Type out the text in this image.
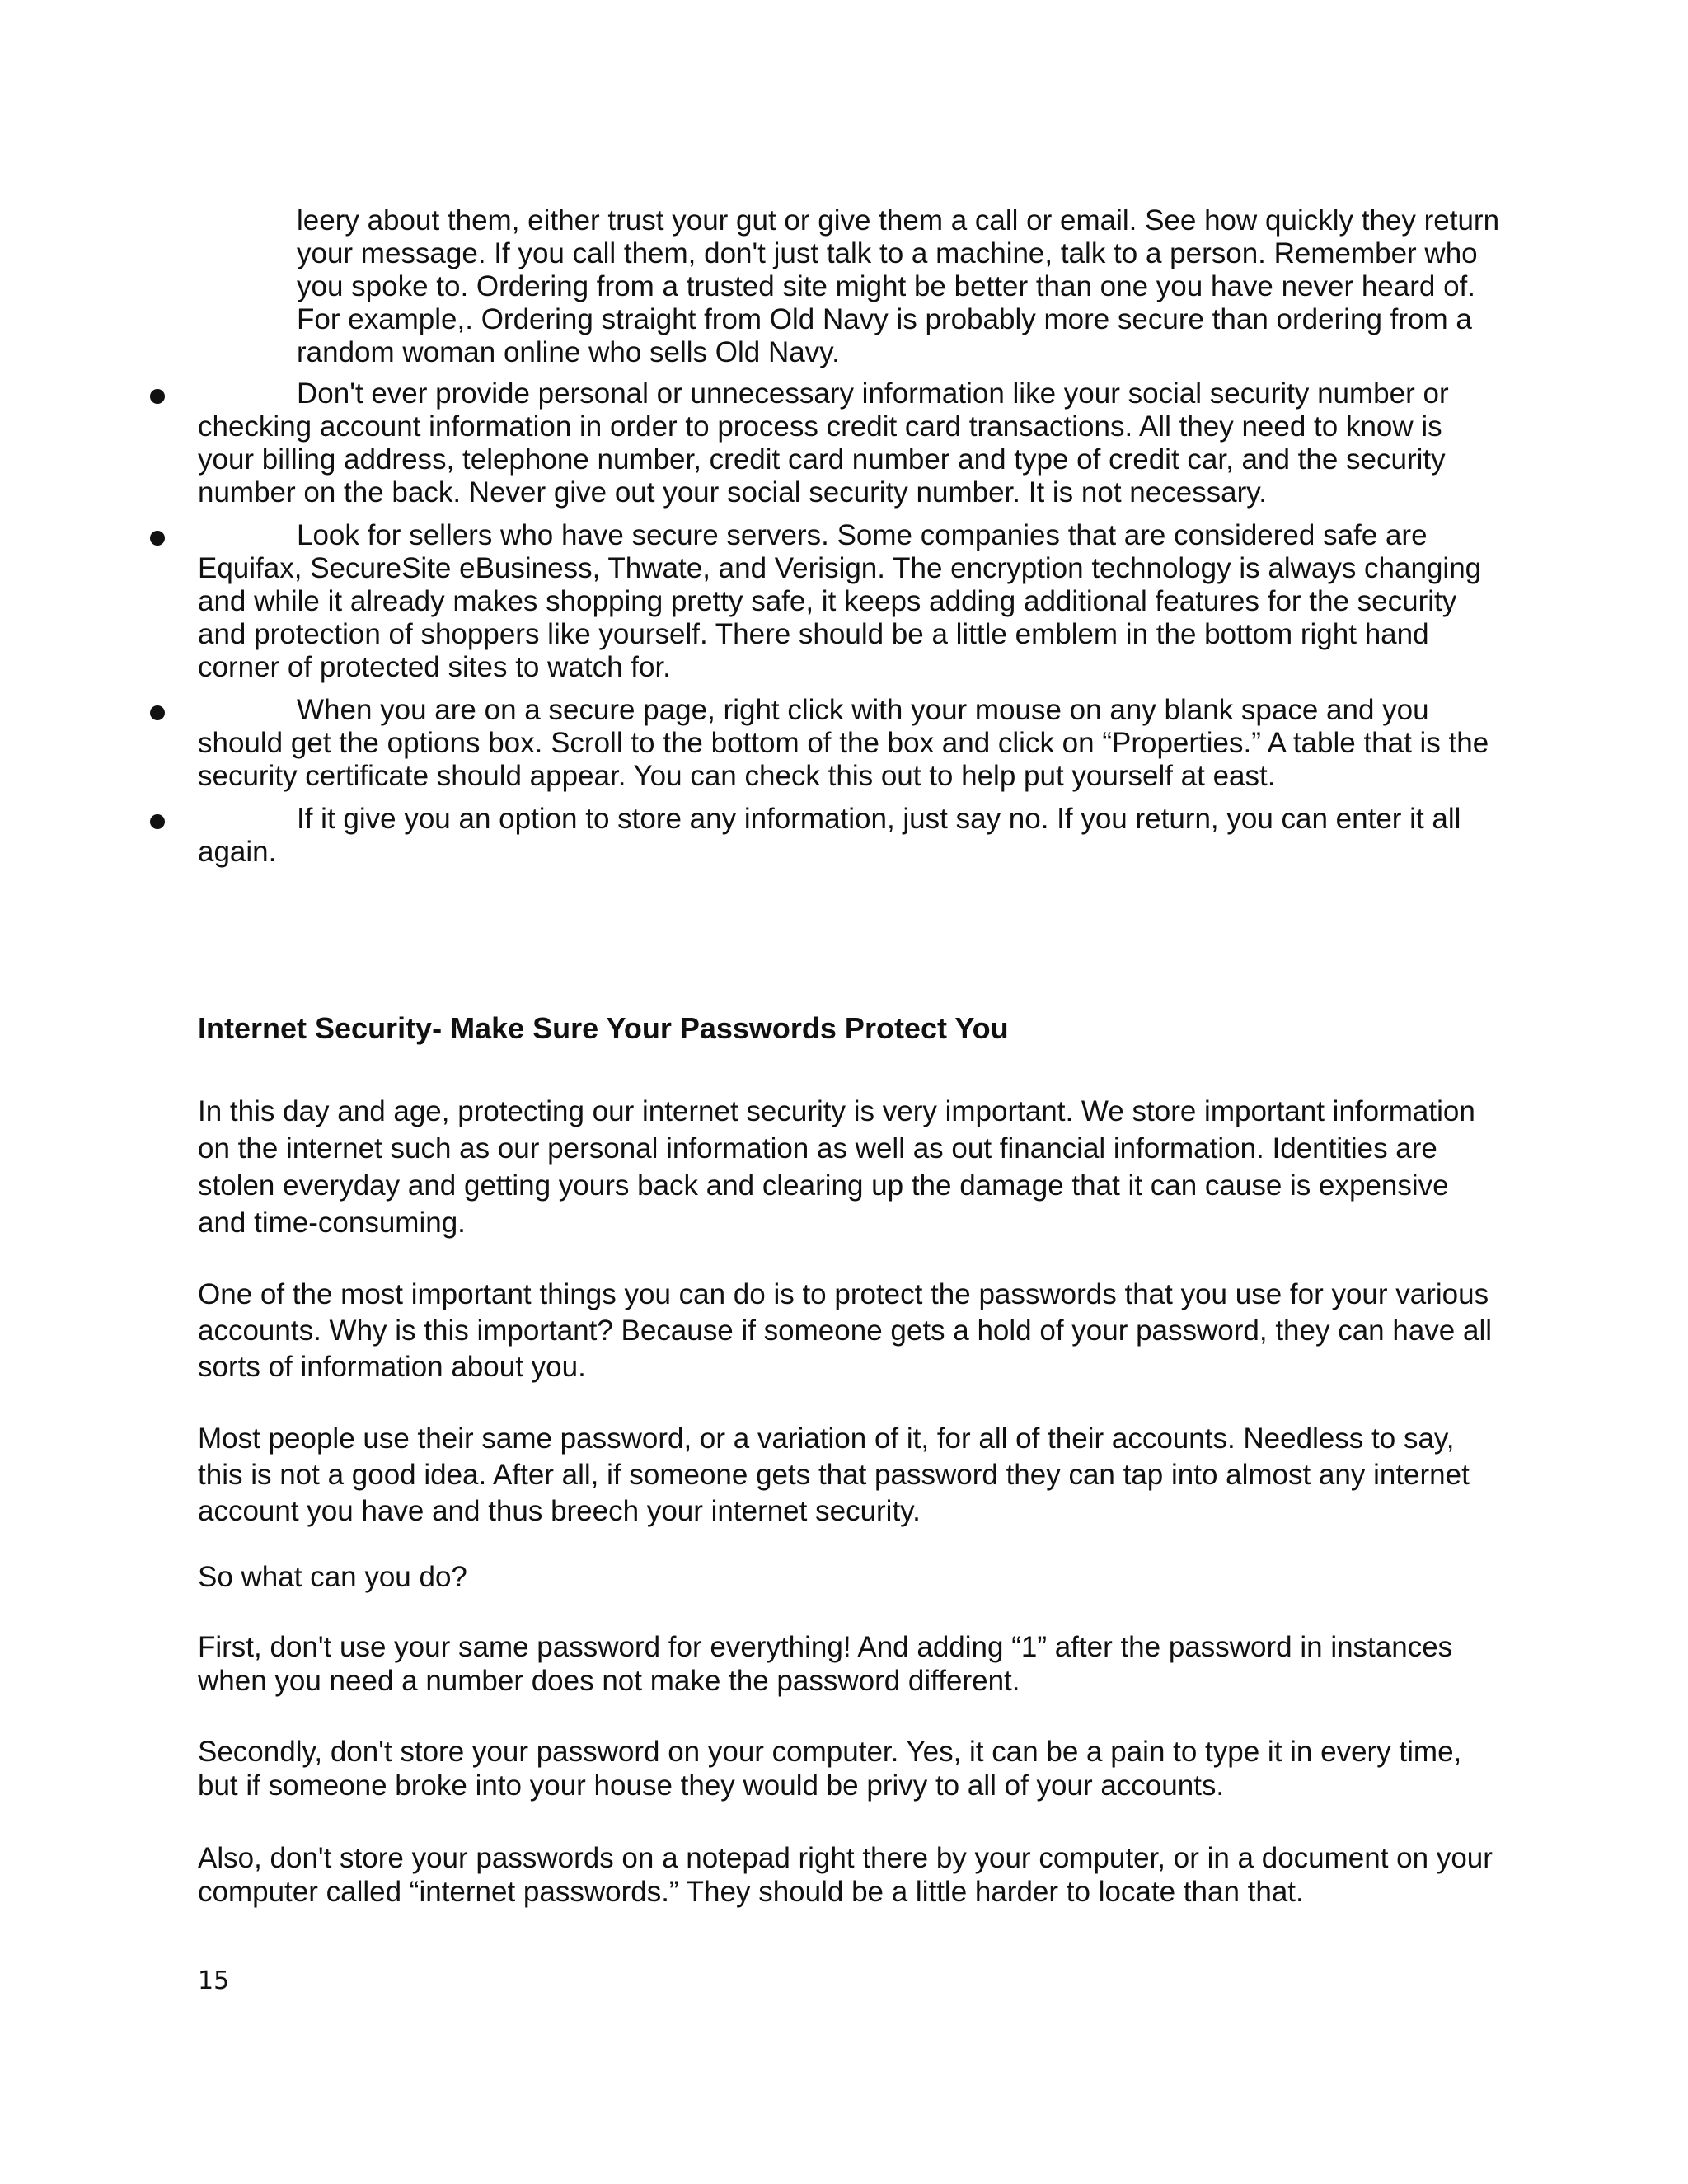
leery about them, either trust your gut or give them a call or email. See how quickly they return your message. If you call them, don't just talk to a machine, talk to a person. Remember who you spoke to. Ordering from a trusted site might be better than one you have never heard of. For example,. Ordering straight from Old Navy is probably more secure than ordering from a random woman online who sells Old Navy.

Don't ever provide personal or unnecessary information like your social security number or checking account information in order to process credit card transactions. All they need to know is your billing address, telephone number, credit card number and type of credit car, and the security number on the back. Never give out your social security number. It is not necessary.

Look for sellers who have secure servers. Some companies that are considered safe are Equifax, SecureSite eBusiness, Thwate, and Verisign. The encryption technology is always changing and while it already makes shopping pretty safe, it keeps adding additional features for the security and protection of shoppers like yourself. There should be a little emblem in the bottom right hand corner of protected sites to watch for.

When you are on a secure page, right click with your mouse on any blank space and you should get the options box. Scroll to the bottom of the box and click on “Properties.” A table that is the security certificate should appear. You can check this out to help put yourself at east.

If it give you an option to store any information, just say no. If you return, you can enter it all again.

Internet Security- Make Sure Your Passwords Protect You

In this day and age, protecting our internet security is very important. We store important information on the internet such as our personal information as well as out financial information. Identities are stolen everyday and getting yours back and clearing up the damage that it can cause is expensive and time-consuming.

One of the most important things you can do is to protect the passwords that you use for your various accounts. Why is this important? Because if someone gets a hold of your password, they can have all sorts of information about you.

Most people use their same password, or a variation of it, for all of their accounts. Needless to say, this is not a good idea. After all, if someone gets that password they can tap into almost any internet account you have and thus breech your internet security.

So what can you do?

First, don't use your same password for everything! And adding “1” after the password in instances when you need a number does not make the password different.

Secondly, don't store your password on your computer. Yes, it can be a pain to type it in every time, but if someone broke into your house they would be privy to all of your accounts.

Also, don't store your passwords on a notepad right there by your computer, or in a document on your computer called “internet passwords.” They should be a little harder to locate than that.

15
